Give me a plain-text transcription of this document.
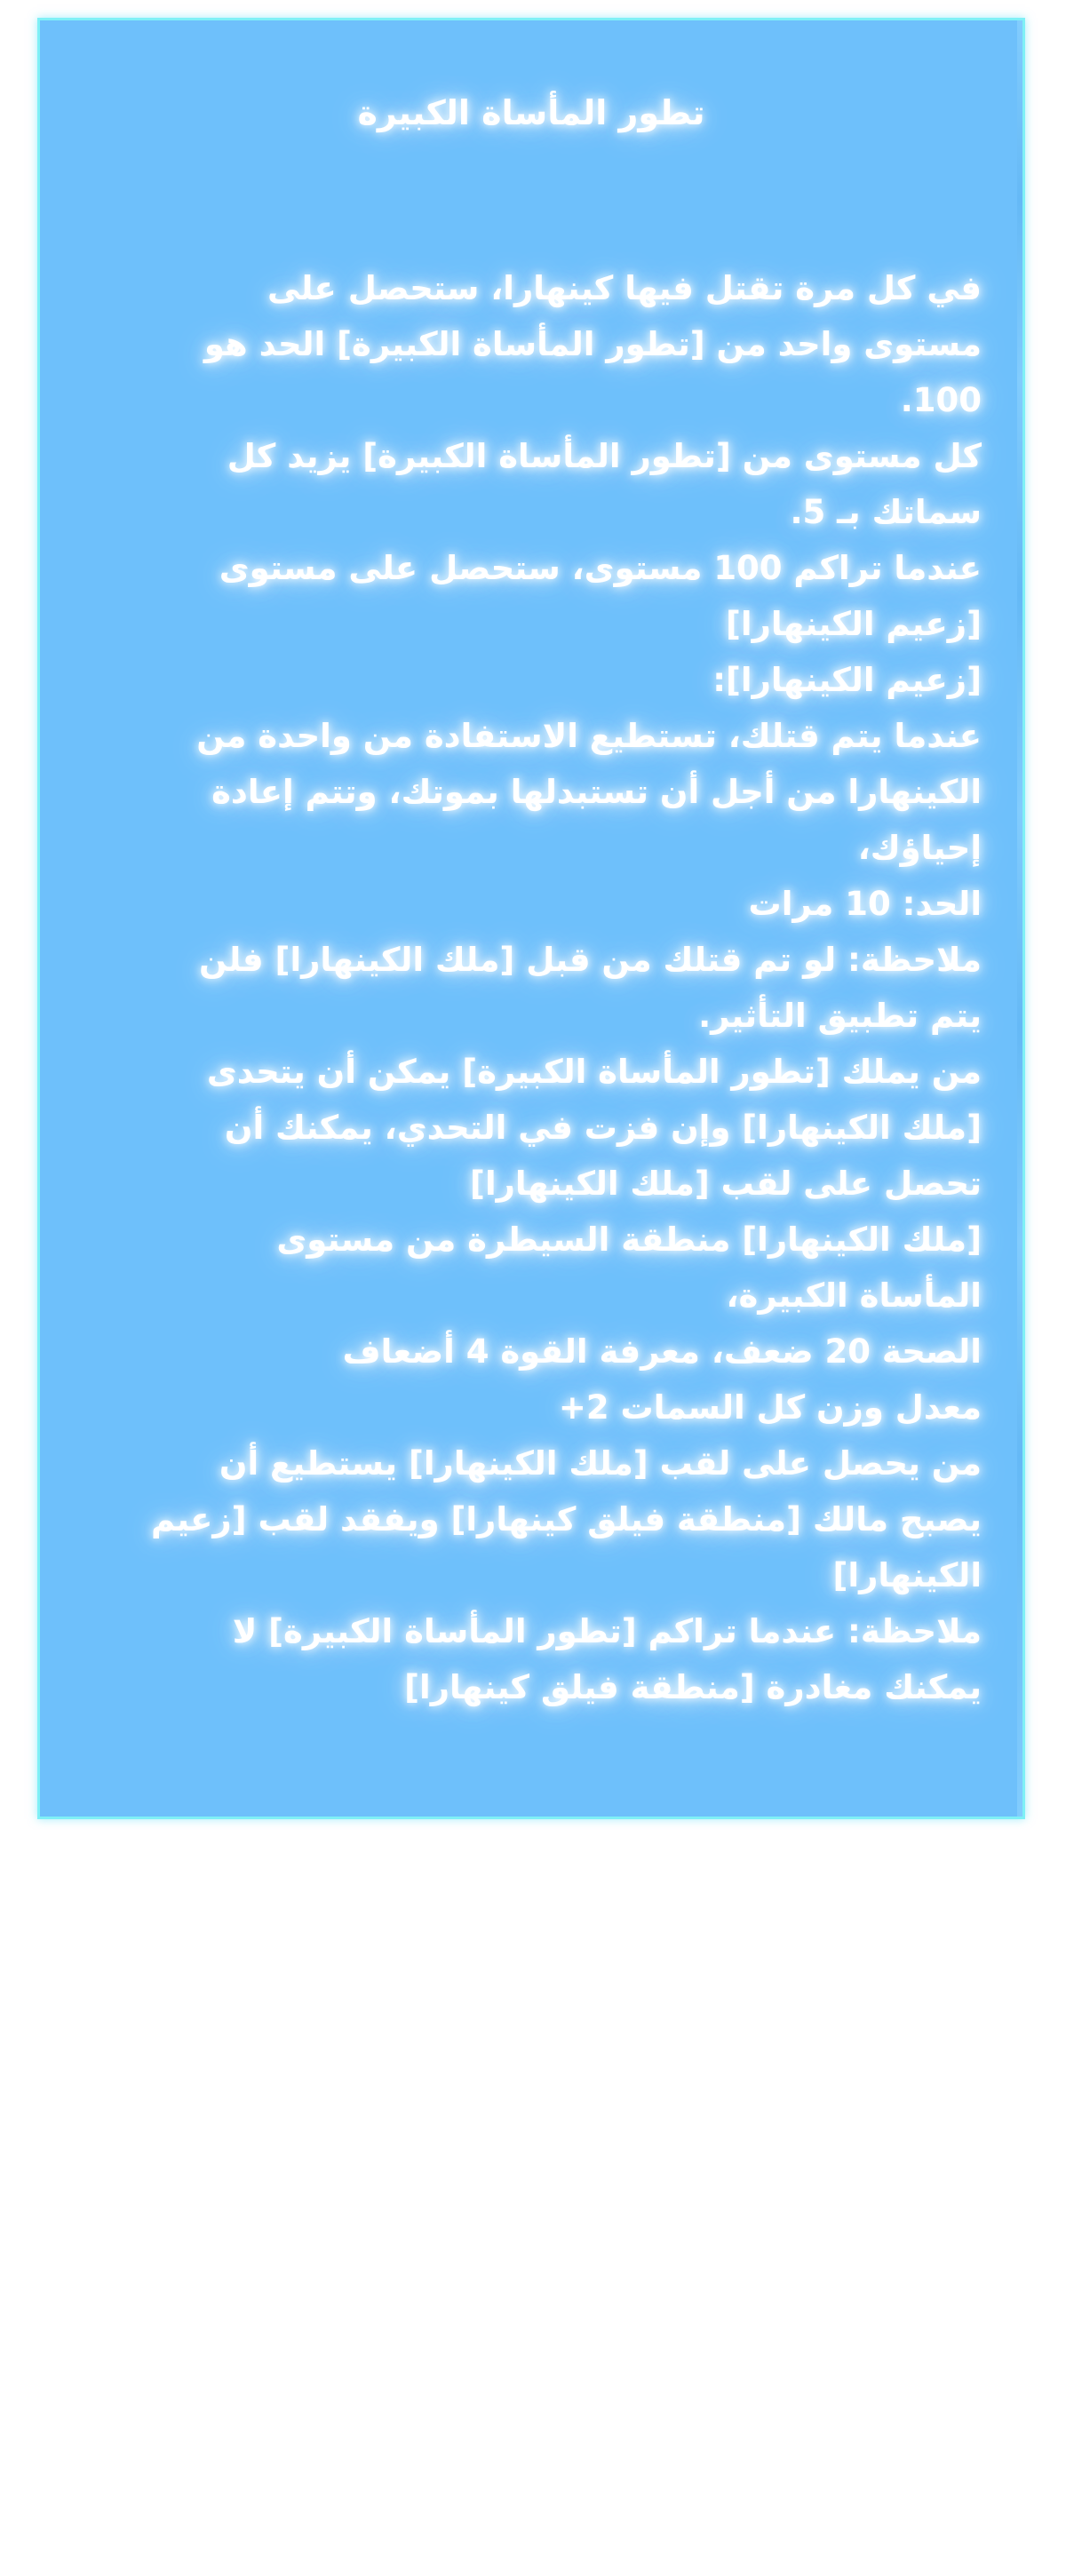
تطور المأساة الكبيرة

في كل مرة تقتل فيها كينهارا، ستحصل على مستوى واحد من [تطور المأساة الكبيرة] الحد هو 100.

كل مستوى من [تطور المأساة الكبيرة] يزيد كل سماتك بـ 5.

عندما تراكم 100 مستوى، ستحصل على مستوى [زعيم الكينهارا]

[زعيم الكينهارا]:

عندما يتم قتلك، تستطيع الاستفادة من واحدة من الكينهارا من أجل أن تستبدلها بموتك، وتتم إعادة إحياؤك،

الحد: 10 مرات

ملاحظة: لو تم قتلك من قبل [ملك الكينهارا] فلن يتم تطبيق التأثير.

من يملك [تطور المأساة الكبيرة] يمكن أن يتحدى [ملك الكينهارا] وإن فزت في التحدي، يمكنك أن تحصل على لقب [ملك الكينهارا]

[ملك الكينهارا] منطقة السيطرة من مستوى المأساة الكبيرة،

الصحة 20 ضعف، معرفة القوة 4 أضعاف

معدل وزن كل السمات 2+

من يحصل على لقب [ملك الكينهارا] يستطيع أن يصبح مالك [منطقة فيلق كينهارا] ويفقد لقب [زعيم الكينهارا]

ملاحظة: عندما تراكم [تطور المأساة الكبيرة] لا يمكنك مغادرة [منطقة فيلق كينهارا]
